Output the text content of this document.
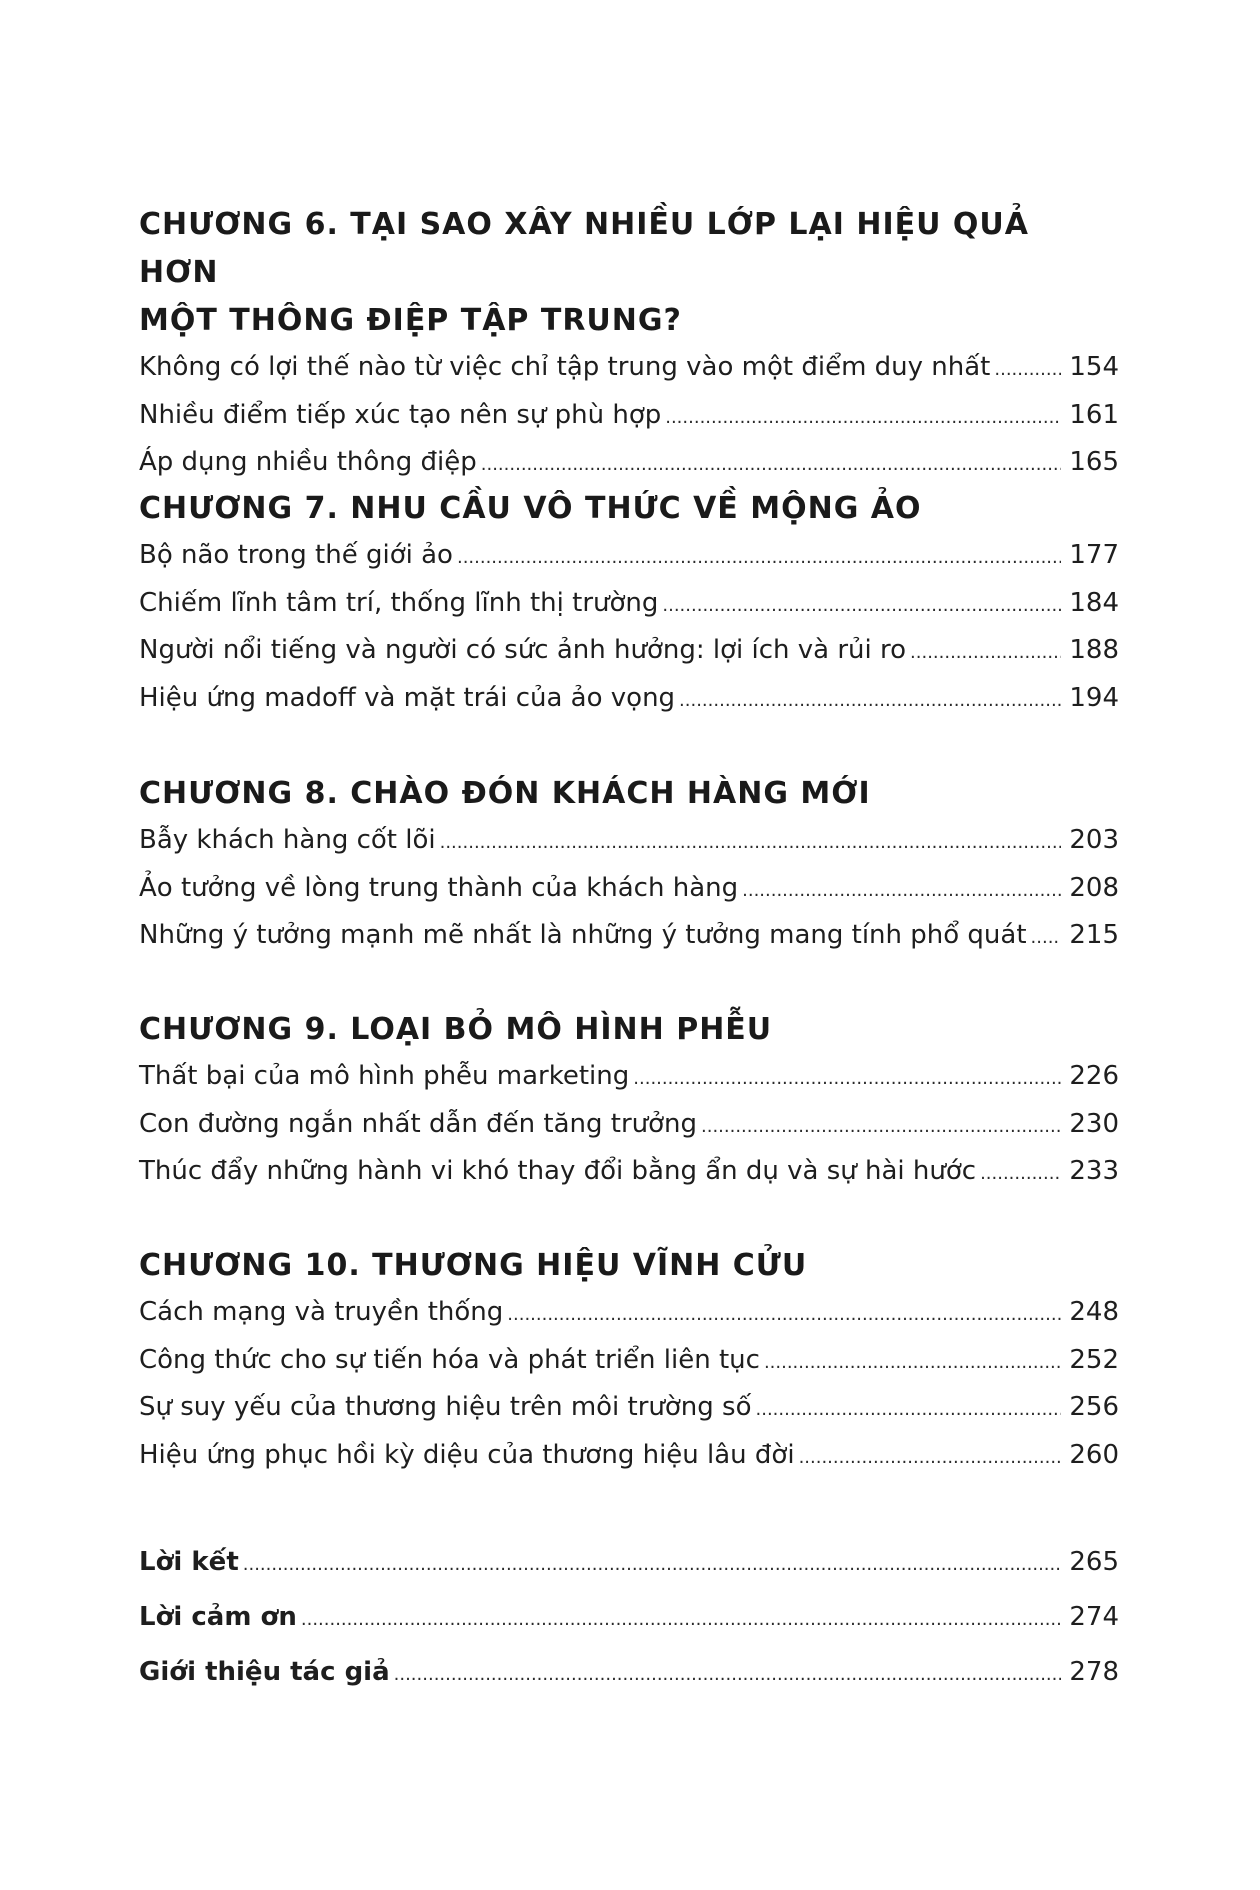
CHƯƠNG 6. TẠI SAO XÂY NHIỀU LỚP LẠI HIỆU QUẢ HƠN
MỘT THÔNG ĐIỆP TẬP TRUNG?
Không có lợi thế nào từ việc chỉ tập trung vào một điểm duy nhất .....	154
Nhiều điểm tiếp xúc tạo nên sự phù hợp .....	161
Áp dụng nhiều thông điệp .....	165
CHƯƠNG 7. NHU CẦU VÔ THỨC VỀ MỘNG ẢO
Bộ não trong thế giới ảo .....	177
Chiếm lĩnh tâm trí, thống lĩnh thị trường .....	184
Người nổi tiếng và người có sức ảnh hưởng: lợi ích và rủi ro .....	188
Hiệu ứng madoff và mặt trái của ảo vọng .....	194
CHƯƠNG 8. CHÀO ĐÓN KHÁCH HÀNG MỚI
Bẫy khách hàng cốt lõi .....	203
Ảo tưởng về lòng trung thành của khách hàng .....	208
Những ý tưởng mạnh mẽ nhất là những ý tưởng mang tính phổ quát ..... 215
CHƯƠNG 9. LOẠI BỎ MÔ HÌNH PHỄU
Thất bại của mô hình phễu marketing .....	226
Con đường ngắn nhất dẫn đến tăng trưởng .....	230
Thúc đẩy những hành vi khó thay đổi bằng ẩn dụ và sự hài hước .....	233
CHƯƠNG 10. THƯƠNG HIỆU VĨNH CỬU
Cách mạng và truyền thống .....	248
Công thức cho sự tiến hóa và phát triển liên tục .....	252
Sự suy yếu của thương hiệu trên môi trường số .....	256
Hiệu ứng phục hồi kỳ diệu của thương hiệu lâu đời .....	260
Lời kết .....	265
Lời cảm ơn .....	274
Giới thiệu tác giả .....	278
